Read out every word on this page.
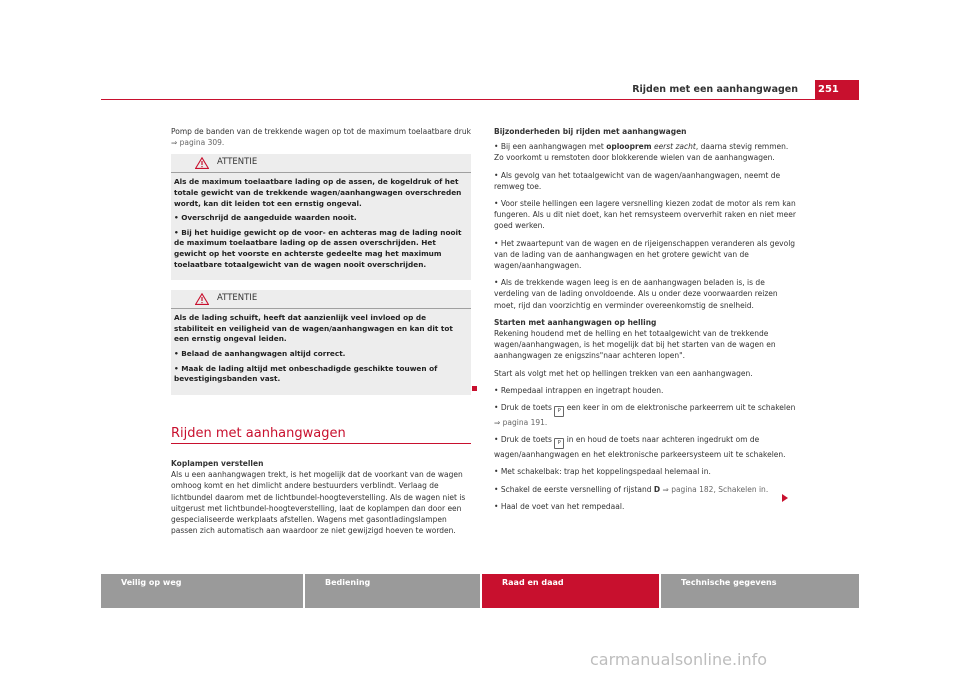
Rijden met een aanhangwagen	251

Pomp de banden van de trekkende wagen op tot de maximum toelaatbare druk ⇒ pagina 309.

ATTENTIE

Als de maximum toelaatbare lading op de assen, de kogeldruk of het totale gewicht van de trekkende wagen/aanhangwagen overschreden wordt, kan dit leiden tot een ernstig ongeval.

• Overschrijd de aangeduide waarden nooit.

• Bij het huidige gewicht op de voor- en achteras mag de lading nooit de maximum toelaatbare lading op de assen overschrijden. Het gewicht op het voorste en achterste gedeelte mag het maximum toelaatbare totaalgewicht van de wagen nooit overschrijden.

ATTENTIE

Als de lading schuift, heeft dat aanzienlijk veel invloed op de stabiliteit en veiligheid van de wagen/aanhangwagen en kan dit tot een ernstig ongeval leiden.

• Belaad de aanhangwagen altijd correct.

• Maak de lading altijd met onbeschadigde geschikte touwen of bevestigingsbanden vast.

Rijden met aanhangwagen

Koplampen verstellen

Als u een aanhangwagen trekt, is het mogelijk dat de voorkant van de wagen omhoog komt en het dimlicht andere bestuurders verblindt. Verlaag de lichtbundel daarom met de lichtbundel-hoogteverstelling. Als de wagen niet is uitgerust met lichtbundel-hoogteverstelling, laat de koplampen dan door een gespecialiseerde werkplaats afstellen. Wagens met gasontladingslampen passen zich automatisch aan waardoor ze niet gewijzigd hoeven te worden.

Bijzonderheden bij rijden met aanhangwagen

• Bij een aanhangwagen met oplooprem eerst zacht, daarna stevig remmen. Zo voorkomt u remstoten door blokkerende wielen van de aanhangwagen.

• Als gevolg van het totaalgewicht van de wagen/aanhangwagen, neemt de remweg toe.

• Voor steile hellingen een lagere versnelling kiezen zodat de motor als rem kan fungeren. Als u dit niet doet, kan het remsysteem oververhit raken en niet meer goed werken.

• Het zwaartepunt van de wagen en de rijeigenschappen veranderen als gevolg van de lading van de aanhangwagen en het grotere gewicht van de wagen/aanhangwagen.

• Als de trekkende wagen leeg is en de aanhangwagen beladen is, is de verdeling van de lading onvoldoende. Als u onder deze voorwaarden reizen moet, rijd dan voorzichtig en verminder overeenkomstig de snelheid.

Starten met aanhangwagen op helling

Rekening houdend met de helling en het totaalgewicht van de trekkende wagen/aanhangwagen, is het mogelijk dat bij het starten van de wagen en aanhangwagen ze enigszins"naar achteren lopen".

Start als volgt met het op hellingen trekken van een aanhangwagen.

• Rempedaal intrappen en ingetrapt houden.

• Druk de toets P een keer in om de elektronische parkeerrem uit te schakelen ⇒ pagina 191.

• Druk de toets P in en houd de toets naar achteren ingedrukt om de wagen/aanhangwagen en het elektronische parkeersysteem uit te schakelen.

• Met schakelbak: trap het koppelingspedaal helemaal in.

• Schakel de eerste versnelling of rijstand D ⇒ pagina 182, Schakelen in.

• Haal de voet van het rempedaal.

Veilig op weg	Bediening	Raad en daad	Technische gegevens
carmanualsonline.info
